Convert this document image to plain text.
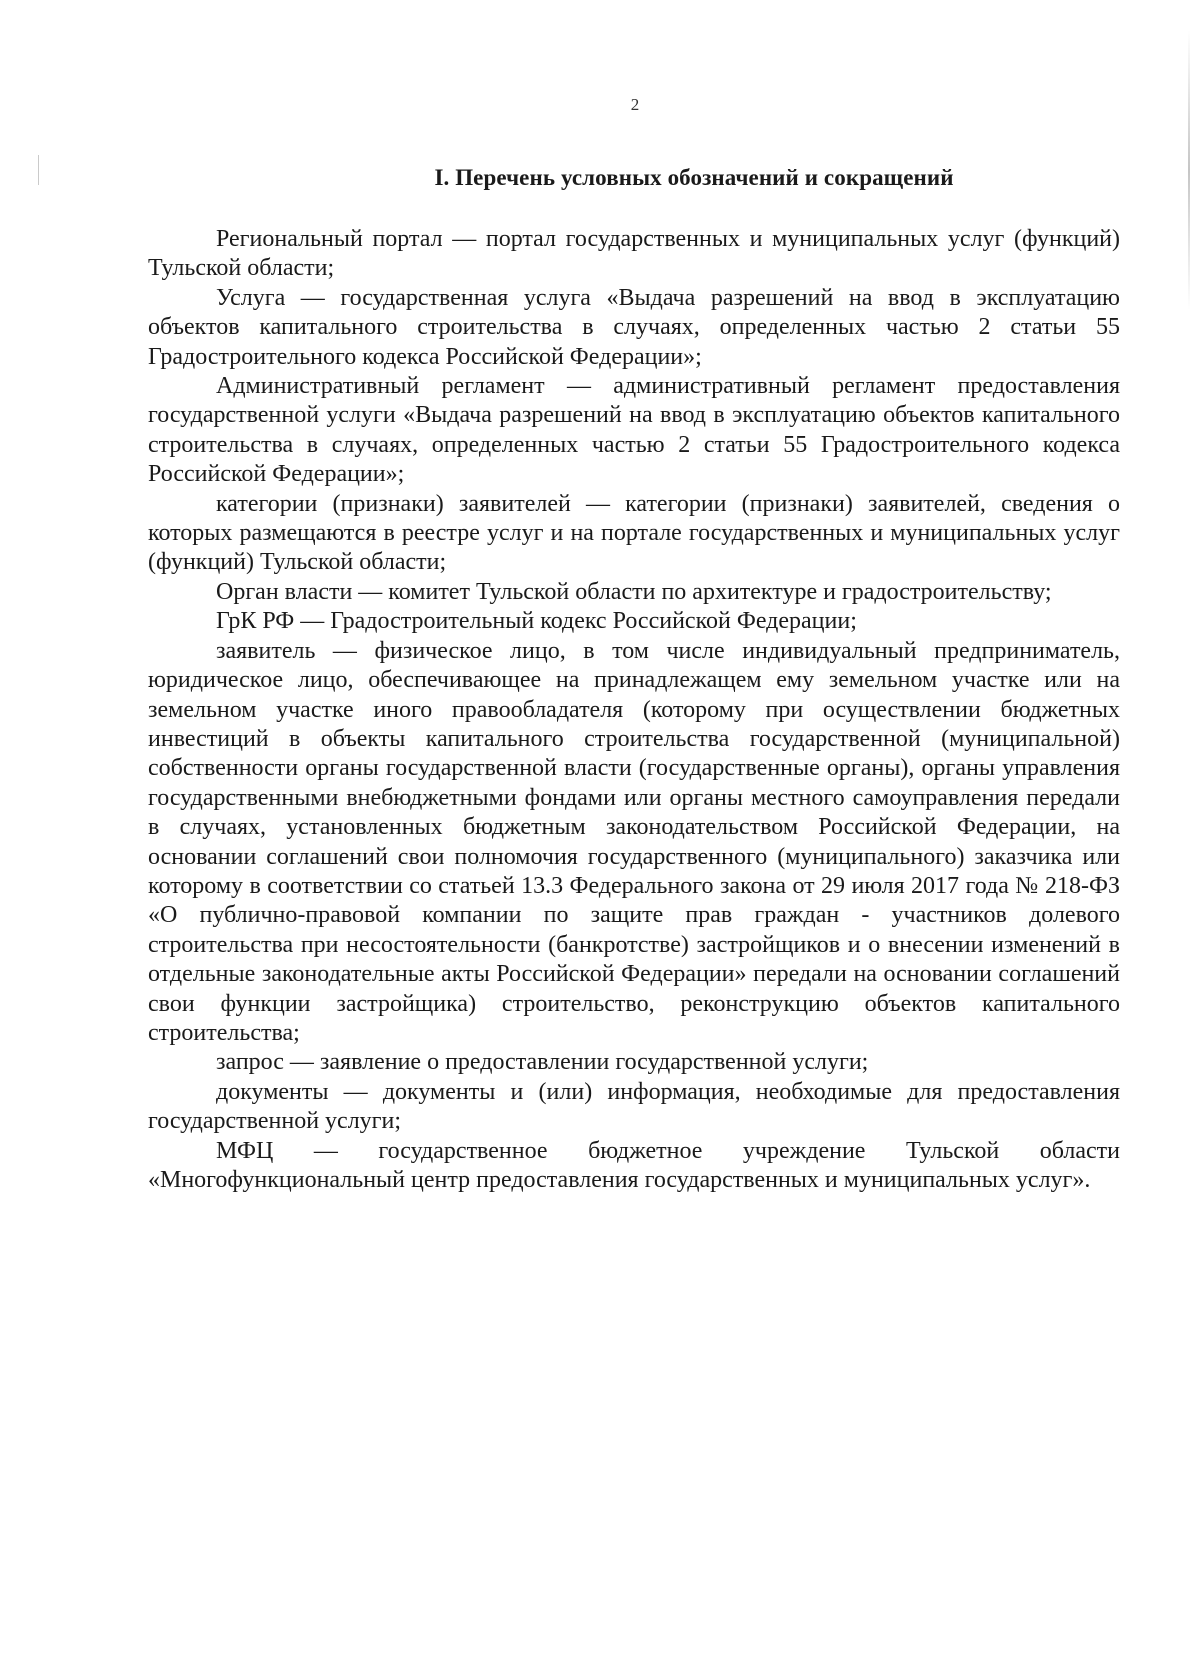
2
I. Перечень условных обозначений и сокращений

Региональный портал — портал государственных и муниципальных услуг (функций) Тульской области;

Услуга — государственная услуга «Выдача разрешений на ввод в эксплуатацию объектов капитального строительства в случаях, определенных частью 2 статьи 55 Градостроительного кодекса Российской Федерации»;

Административный регламент — административный регламент предоставления государственной услуги «Выдача разрешений на ввод в эксплуатацию объектов капитального строительства в случаях, определенных частью 2 статьи 55 Градостроительного кодекса Российской Федерации»;

категории (признаки) заявителей — категории (признаки) заявителей, сведения о которых размещаются в реестре услуг и на портале государственных и муниципальных услуг (функций) Тульской области;

Орган власти — комитет Тульской области по архитектуре и градостроительству;

ГрК РФ — Градостроительный кодекс Российской Федерации;

заявитель — физическое лицо, в том числе индивидуальный предприниматель, юридическое лицо, обеспечивающее на принадлежащем ему земельном участке или на земельном участке иного правообладателя (которому при осуществлении бюджетных инвестиций в объекты капитального строительства государственной (муниципальной) собственности органы государственной власти (государственные органы), органы управления государственными внебюджетными фондами или органы местного самоуправления передали в случаях, установленных бюджетным законодательством Российской Федерации, на основании соглашений свои полномочия государственного (муниципального) заказчика или которому в соответствии со статьей 13.3 Федерального закона от 29 июля 2017 года № 218-ФЗ «О публично-правовой компании по защите прав граждан - участников долевого строительства при несостоятельности (банкротстве) застройщиков и о внесении изменений в отдельные законодательные акты Российской Федерации» передали на основании соглашений свои функции застройщика) строительство, реконструкцию объектов капитального строительства;

запрос — заявление о предоставлении государственной услуги;

документы — документы и (или) информация, необходимые для предоставления государственной услуги;

МФЦ — государственное бюджетное учреждение Тульской области «Многофункциональный центр предоставления государственных и муниципальных услуг».
